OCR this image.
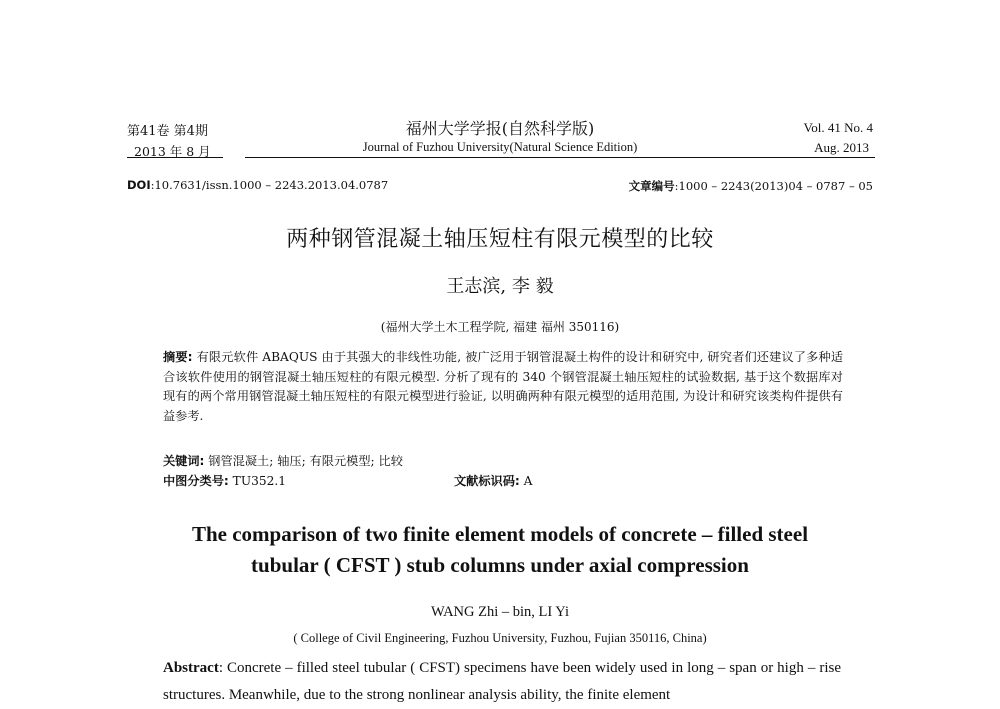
第41卷 第4期
2013 年 8 月
福州大学学报(自然科学版)
Journal of Fuzhou University(Natural Science Edition)
Vol. 41 No. 4
Aug. 2013
DOI:10.7631/issn.1000 – 2243.2013.04.0787	文章编号:1000 – 2243(2013)04 – 0787 – 05
两种钢管混凝土轴压短柱有限元模型的比较
王志滨, 李 毅
(福州大学土木工程学院, 福建 福州 350116)
摘要: 有限元软件 ABAQUS 由于其强大的非线性功能, 被广泛用于钢管混凝土构件的设计和研究中, 研究者们还建议了多种适合该软件使用的钢管混凝土轴压短柱的有限元模型. 分析了现有的 340 个钢管混凝土轴压短柱的试验数据, 基于这个数据库对现有的两个常用钢管混凝土轴压短柱的有限元模型进行验证, 以明确两种有限元模型的适用范围, 为设计和研究该类构件提供有益参考.
关键词: 钢管混凝土; 轴压; 有限元模型; 比较
中图分类号: TU352.1	文献标识码: A
The comparison of two finite element models of concrete – filled steel
tubular ( CFST ) stub columns under axial compression
WANG Zhi – bin, LI Yi
( College of Civil Engineering, Fuzhou University, Fuzhou, Fujian 350116, China)
Abstract: Concrete – filled steel tubular ( CFST) specimens have been widely used in long – span or high – rise structures. Meanwhile, due to the strong nonlinear analysis ability, the finite element
